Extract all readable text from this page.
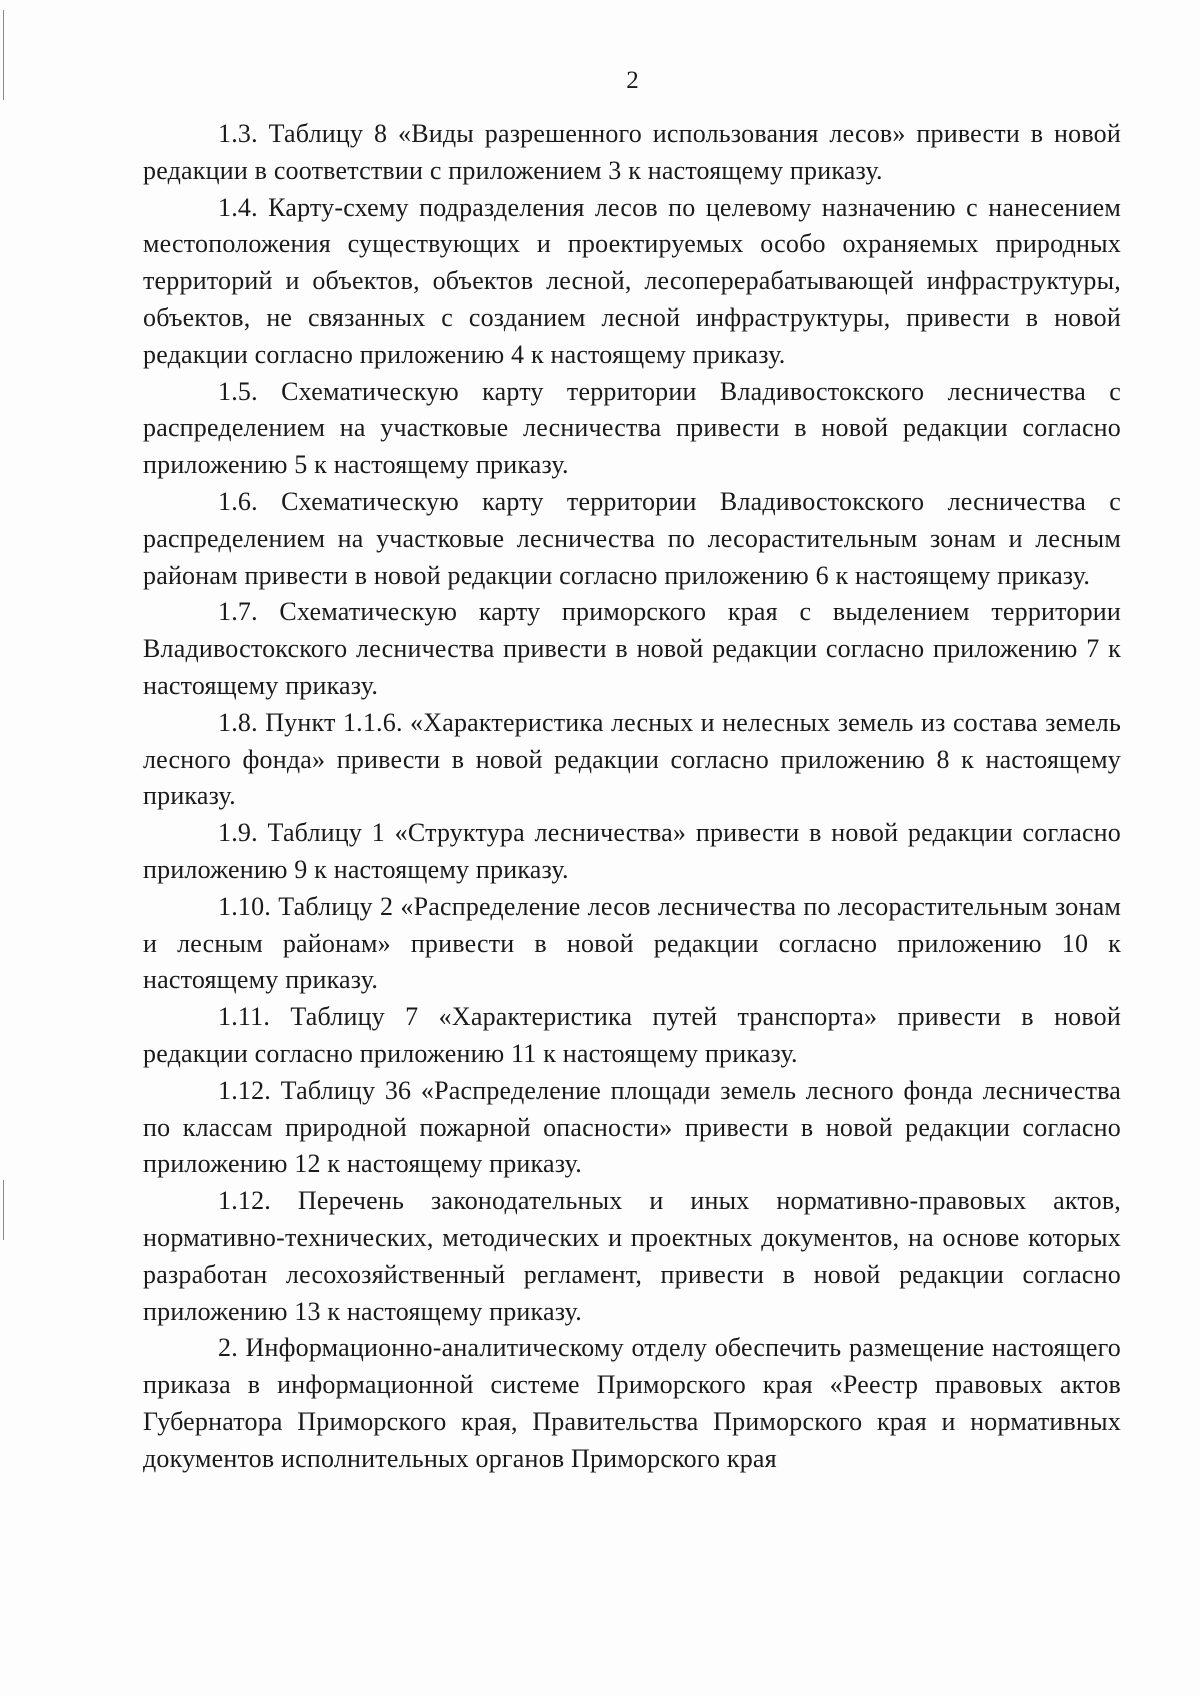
2

1.3. Таблицу 8 «Виды разрешенного использования лесов» привести в новой редакции в соответствии с приложением 3 к настоящему приказу.

1.4. Карту-схему подразделения лесов по целевому назначению с нанесением местоположения существующих и проектируемых особо охраняемых природных территорий и объектов, объектов лесной, лесоперерабатывающей инфраструктуры, объектов, не связанных с созданием лесной инфраструктуры, привести в новой редакции согласно приложению 4 к настоящему приказу.

1.5. Схематическую карту территории Владивостокского лесничества с распределением на участковые лесничества привести в новой редакции согласно приложению 5 к настоящему приказу.

1.6. Схематическую карту территории Владивостокского лесничества с распределением на участковые лесничества по лесорастительным зонам и лесным районам привести в новой редакции согласно приложению 6 к настоящему приказу.

1.7. Схематическую карту приморского края с выделением территории Владивостокского лесничества привести в новой редакции согласно приложению 7 к настоящему приказу.

1.8. Пункт 1.1.6. «Характеристика лесных и нелесных земель из состава земель лесного фонда» привести в новой редакции согласно приложению 8 к настоящему приказу.

1.9. Таблицу 1 «Структура лесничества» привести в новой редакции согласно приложению 9 к настоящему приказу.

1.10. Таблицу 2 «Распределение лесов лесничества по лесорастительным зонам и лесным районам» привести в новой редакции согласно приложению 10 к настоящему приказу.

1.11. Таблицу 7 «Характеристика путей транспорта» привести в новой редакции согласно приложению 11 к настоящему приказу.

1.12. Таблицу 36 «Распределение площади земель лесного фонда лесничества по классам природной пожарной опасности» привести в новой редакции согласно приложению 12 к настоящему приказу.

1.12. Перечень законодательных и иных нормативно-правовых актов, нормативно-технических, методических и проектных документов, на основе которых разработан лесохозяйственный регламент, привести в новой редакции согласно приложению 13 к настоящему приказу.

2. Информационно-аналитическому отделу обеспечить размещение настоящего приказа в информационной системе Приморского края «Реестр правовых актов Губернатора Приморского края, Правительства Приморского края и нормативных документов исполнительных органов Приморского края
